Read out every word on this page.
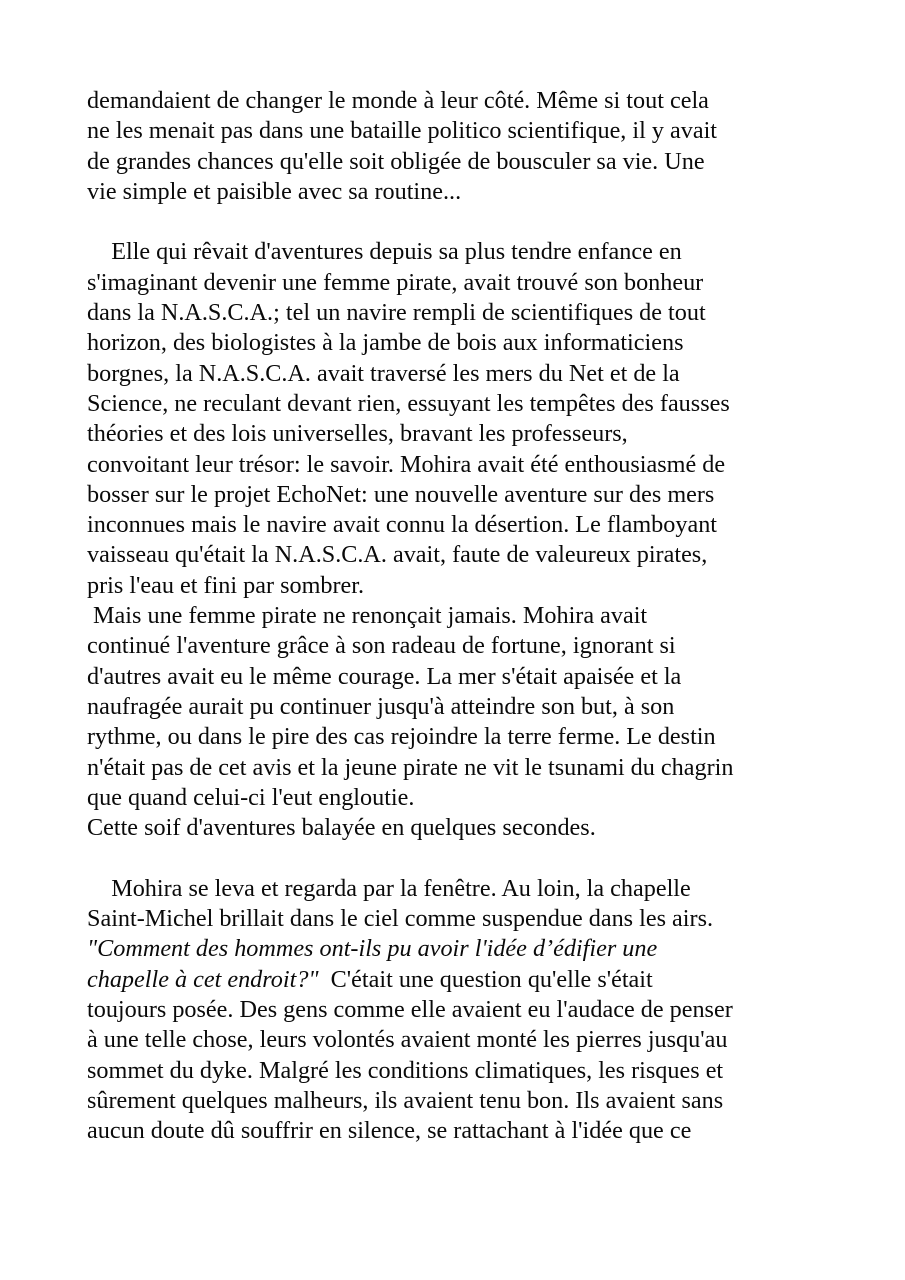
demandaient de changer le monde à leur côté. Même si tout cela
ne les menait pas dans une bataille politico scientifique, il y avait
de grandes chances qu'elle soit obligée de bousculer sa vie. Une
vie simple et paisible avec sa routine...

Elle qui rêvait d'aventures depuis sa plus tendre enfance en
s'imaginant devenir une femme pirate, avait trouvé son bonheur
dans la N.A.S.C.A.; tel un navire rempli de scientifiques de tout
horizon, des biologistes à la jambe de bois aux informaticiens
borgnes, la N.A.S.C.A. avait traversé les mers du Net et de la
Science, ne reculant devant rien, essuyant les tempêtes des fausses
théories et des lois universelles, bravant les professeurs,
convoitant leur trésor: le savoir. Mohira avait été enthousiasmé de
bosser sur le projet EchoNet: une nouvelle aventure sur des mers
inconnues mais le navire avait connu la désertion. Le flamboyant
vaisseau qu'était la N.A.S.C.A. avait, faute de valeureux pirates,
pris l'eau et fini par sombrer.
Mais une femme pirate ne renonçait jamais. Mohira avait
continué l'aventure grâce à son radeau de fortune, ignorant si
d'autres avait eu le même courage. La mer s'était apaisée et la
naufragée aurait pu continuer jusqu'à atteindre son but, à son
rythme, ou dans le pire des cas rejoindre la terre ferme. Le destin
n'était pas de cet avis et la jeune pirate ne vit le tsunami du chagrin
que quand celui-ci l'eut engloutie.
Cette soif d'aventures balayée en quelques secondes.

Mohira se leva et regarda par la fenêtre. Au loin, la chapelle
Saint-Michel brillait dans le ciel comme suspendue dans les airs.
"Comment des hommes ont-ils pu avoir l'idée d’édifier une
chapelle à cet endroit?"  C'était une question qu'elle s'était
toujours posée. Des gens comme elle avaient eu l'audace de penser
à une telle chose, leurs volontés avaient monté les pierres jusqu'au
sommet du dyke. Malgré les conditions climatiques, les risques et
sûrement quelques malheurs, ils avaient tenu bon. Ils avaient sans
aucun doute dû souffrir en silence, se rattachant à l'idée que ce
